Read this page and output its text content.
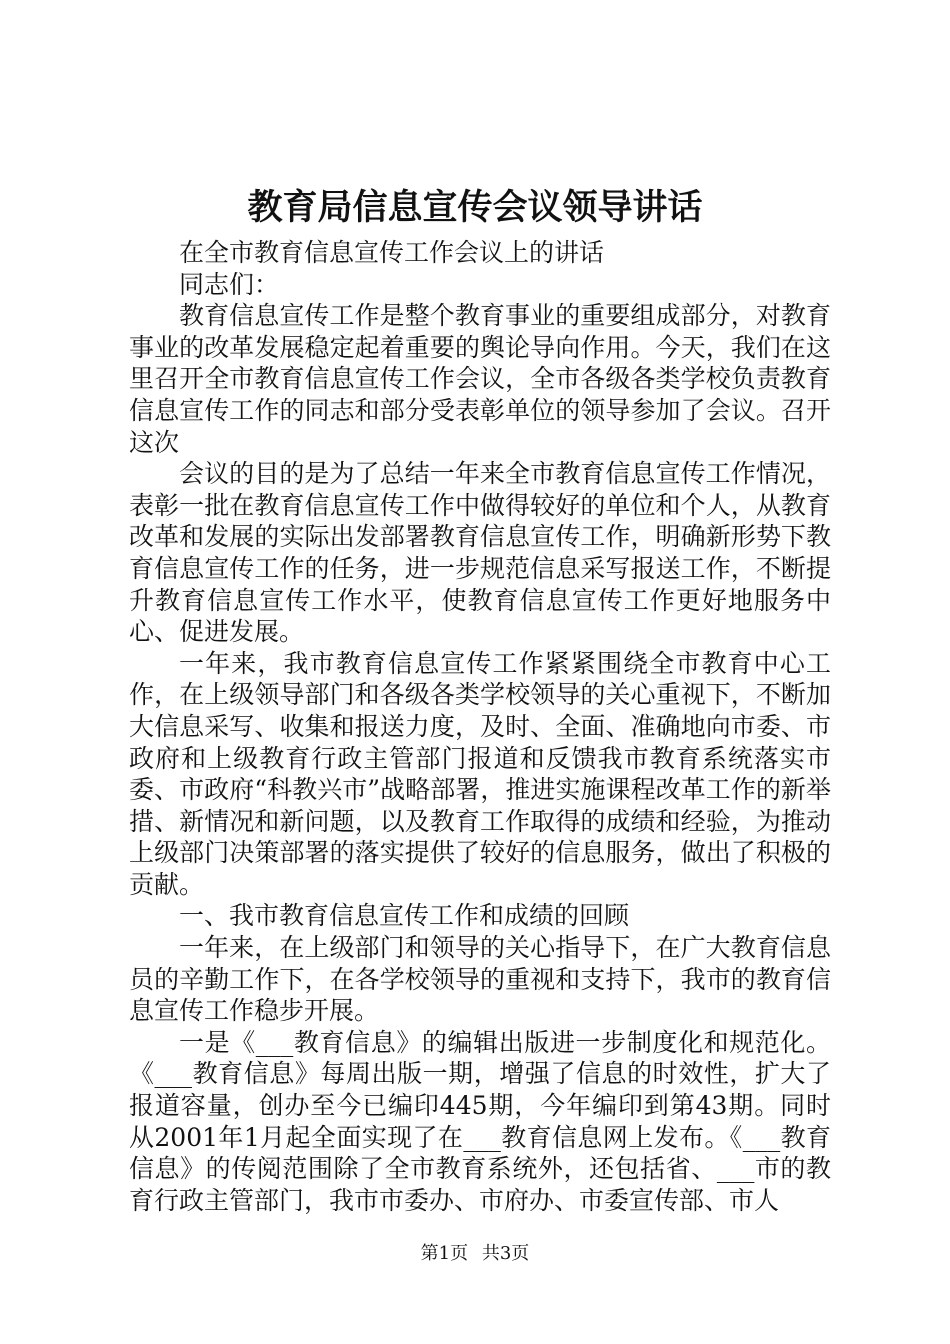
教育局信息宣传会议领导讲话

在全市教育信息宣传工作会议上的讲话

同志们：

教育信息宣传工作是整个教育事业的重要组成部分，对教育事业的改革发展稳定起着重要的舆论导向作用。今天，我们在这里召开全市教育信息宣传工作会议，全市各级各类学校负责教育信息宣传工作的同志和部分受表彰单位的领导参加了会议。召开这次

会议的目的是为了总结一年来全市教育信息宣传工作情况，表彰一批在教育信息宣传工作中做得较好的单位和个人，从教育改革和发展的实际出发部署教育信息宣传工作，明确新形势下教育信息宣传工作的任务，进一步规范信息采写报送工作，不断提升教育信息宣传工作水平，使教育信息宣传工作更好地服务中心、促进发展。

一年来，我市教育信息宣传工作紧紧围绕全市教育中心工作，在上级领导部门和各级各类学校领导的关心重视下，不断加大信息采写、收集和报送力度，及时、全面、准确地向市委、市政府和上级教育行政主管部门报道和反馈我市教育系统落实市委、市政府“科教兴市”战略部署，推进实施课程改革工作的新举措、新情况和新问题，以及教育工作取得的成绩和经验，为推动上级部门决策部署的落实提供了较好的信息服务，做出了积极的贡献。

一、我市教育信息宣传工作和成绩的回顾

一年来，在上级部门和领导的关心指导下，在广大教育信息员的辛勤工作下，在各学校领导的重视和支持下，我市的教育信息宣传工作稳步开展。

一是《___教育信息》的编辑出版进一步制度化和规范化。《___教育信息》每周出版一期，增强了信息的时效性，扩大了报道容量，创办至今已编印445期，今年编印到第43期。同时从2001年1月起全面实现了在___教育信息网上发布。《___教育信息》的传阅范围除了全市教育系统外，还包括省、___市的教育行政主管部门，我市市委办、市府办、市委宣传部、市人

第1页 共3页
